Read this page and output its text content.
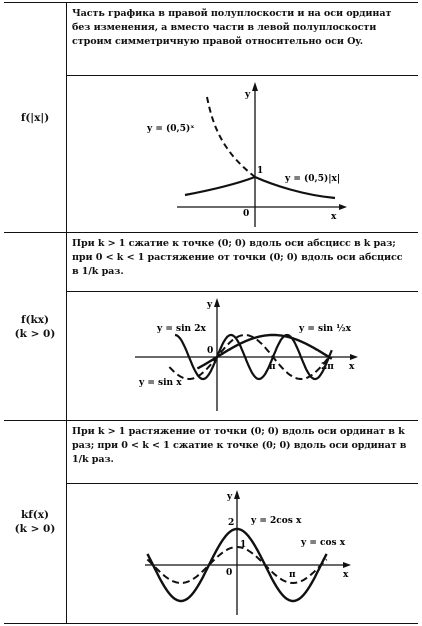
f(|x|)
Часть графика в правой полуплоскости и на оси ординат без изменения, а вместо части в левой полуплоскости строим симметричную правой относительно оси Oy.
y
x
0
1
y = (0,5)ˣ
y = (0,5)|x|
f(kx)
(k > 0)
При k > 1 сжатие к точке (0; 0) вдоль оси абсцисс в k раз; при 0 < k < 1 растяжение от точки (0; 0) вдоль оси абсцисс в 1/k раз.
y
x
0
π	2π
y = sin 2x	y = sin ½x
y = sin x
kf(x)
(k > 0)
При k > 1 растяжение от точки (0; 0) вдоль оси ординат в k раз; при 0 < k < 1 сжатие к точке (0; 0) вдоль оси ординат в 1/k раз.
y
x
0
2
1
π
y = 2cos x
y = cos x
